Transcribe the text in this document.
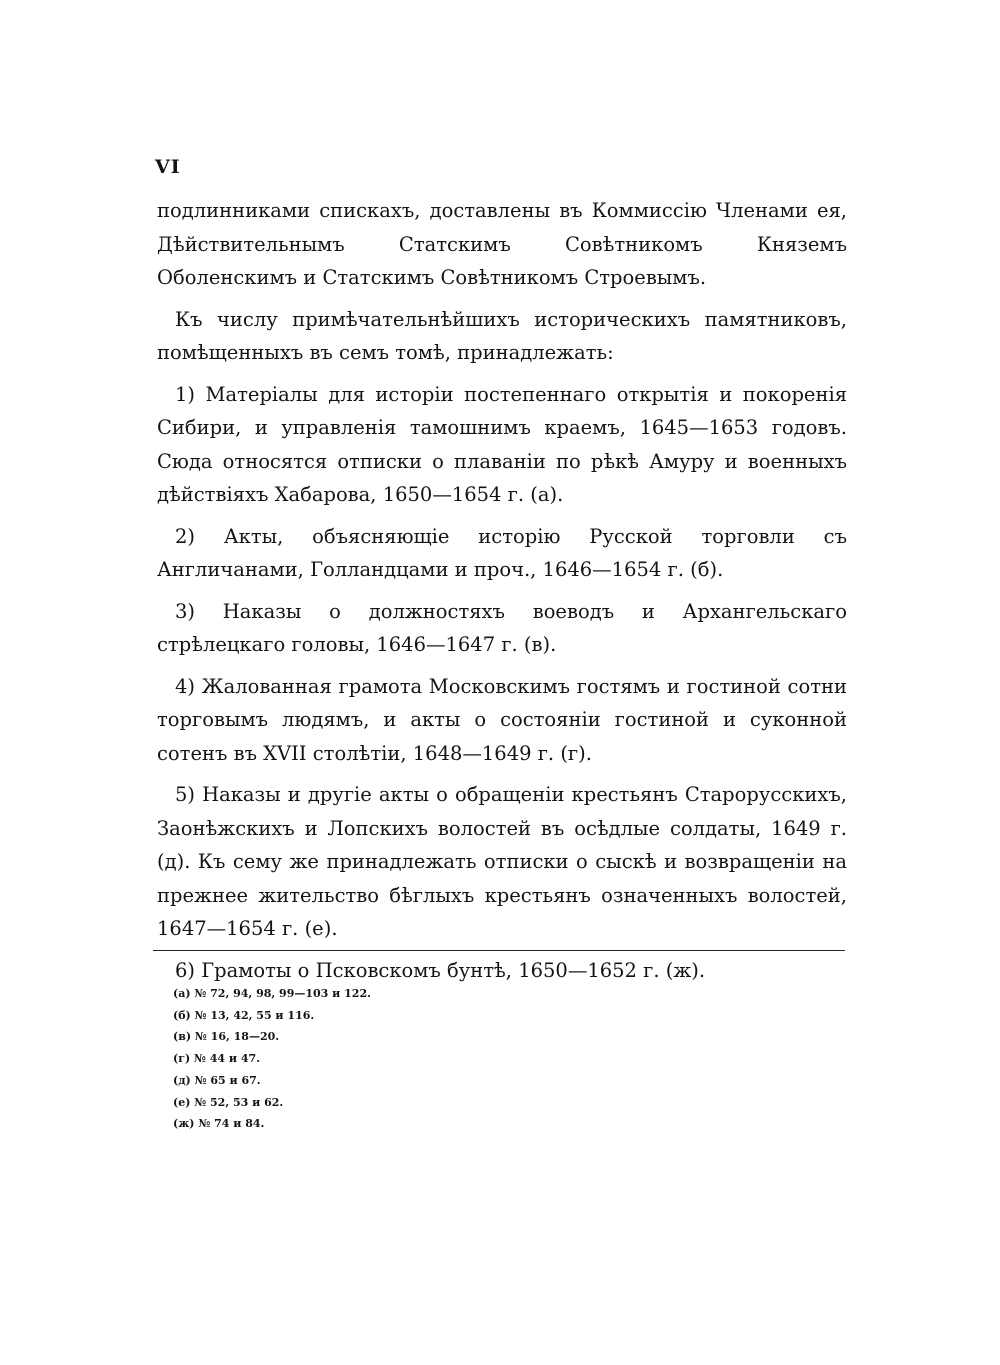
VI

подлинниками спискахъ, доставлены въ Коммиссію Членами ея, Дѣйствительнымъ Статскимъ Совѣтникомъ Княземъ Оболенскимъ и Статскимъ Совѣтникомъ Строевымъ.

Къ числу примѣчательнѣйшихъ историческихъ памятниковъ, помѣщенныхъ въ семъ томѣ, принадлежать:

1) Матеріалы для исторіи постепеннаго открытія и покоренія Сибири, и управленія тамошнимъ краемъ, 1645—1653 годовъ. Сюда относятся отписки о плаваніи по рѣкѣ Амуру и военныхъ дѣйствіяхъ Хабарова, 1650—1654 г. (а).

2) Акты, объясняющіе исторію Русской торговли съ Англичанами, Голландцами и проч., 1646—1654 г. (б).

3) Наказы о должностяхъ воеводъ и Архангельскаго стрѣлецкаго головы, 1646—1647 г. (в).

4) Жалованная грамота Московскимъ гостямъ и гостиной сотни торговымъ людямъ, и акты о состояніи гостиной и суконной сотенъ въ XVII столѣтіи, 1648—1649 г. (г).

5) Наказы и другіе акты о обращеніи крестьянъ Старорусскихъ, Заонѣжскихъ и Лопскихъ волостей въ осѣдлые солдаты, 1649 г. (д). Къ сему же принадлежать отписки о сыскѣ и возвращеніи на прежнее жительство бѣглыхъ крестьянъ означенныхъ волостей, 1647—1654 г. (е).

6) Грамоты о Псковскомъ бунтѣ, 1650—1652 г. (ж).

(а) № 72, 94, 98, 99—103 и 122.
(б) № 13, 42, 55 и 116.
(в) № 16, 18—20.
(г) № 44 и 47.
(д) № 65 и 67.
(е) № 52, 53 и 62.
(ж) № 74 и 84.
